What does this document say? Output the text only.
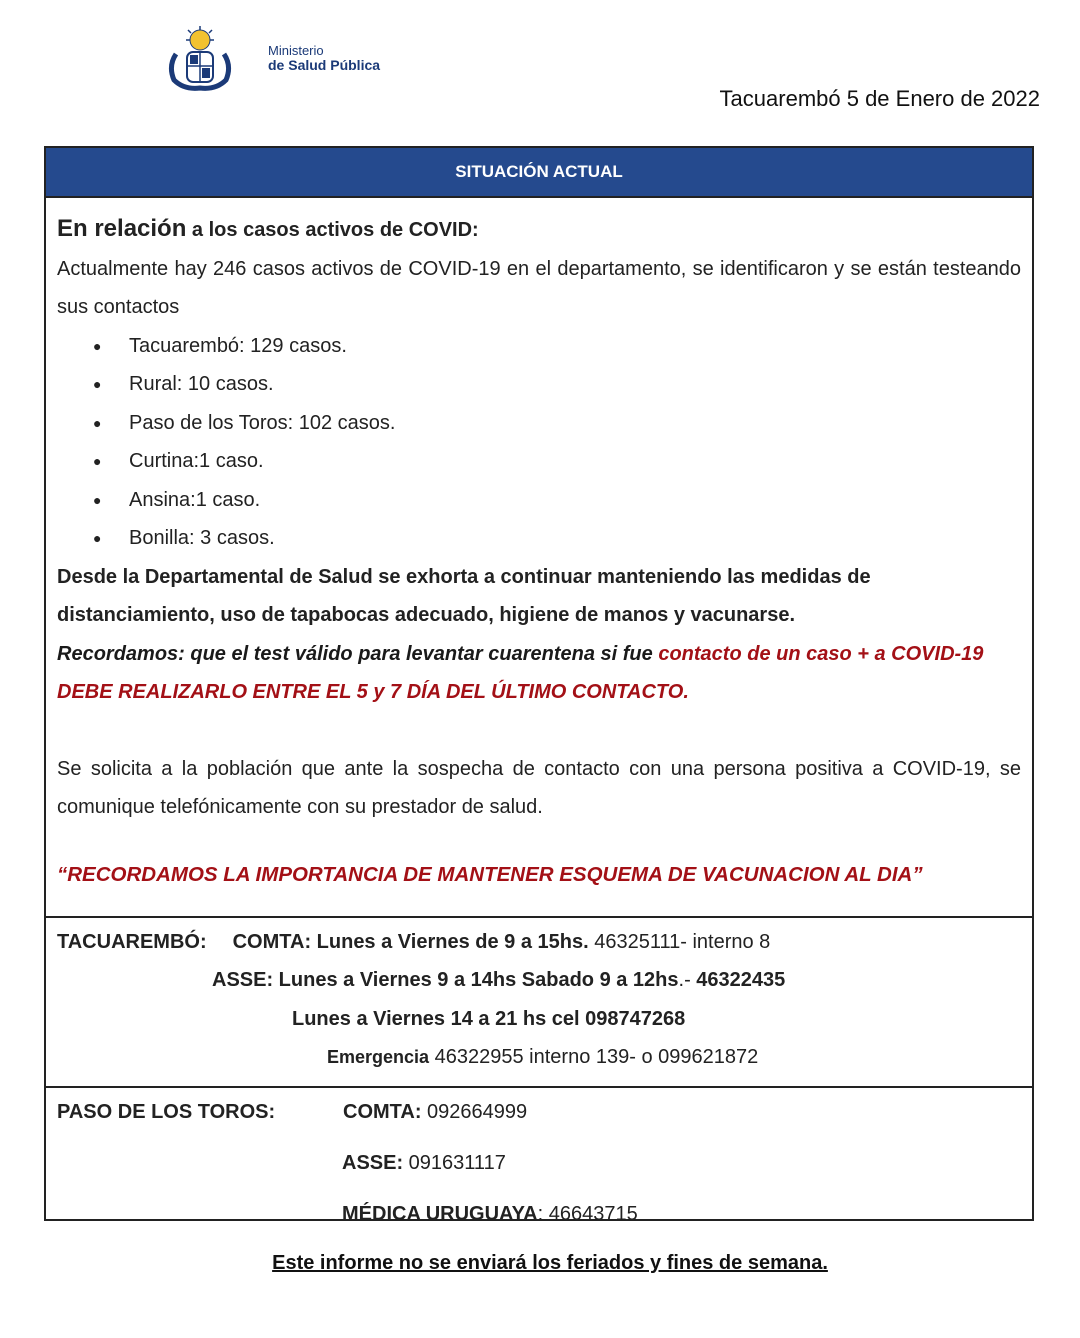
Ministerio
de Salud Pública
Tacuarembó 5 de Enero de 2022
SITUACIÓN ACTUAL
En relación a los casos activos de COVID:
Actualmente hay 246 casos activos de COVID-19 en el departamento, se identificaron y se están testeando sus contactos
● Tacuarembó: 129 casos.
● Rural: 10 casos.
● Paso de los Toros: 102 casos.
● Curtina:1 caso.
● Ansina:1 caso.
● Bonilla: 3 casos.
Desde la Departamental de Salud se exhorta a continuar manteniendo las medidas de distanciamiento, uso de tapabocas adecuado, higiene de manos y vacunarse.
Recordamos: que el test válido para levantar cuarentena si fue contacto de un caso + a COVID-19 DEBE REALIZARLO ENTRE EL 5 y 7 DÍA DEL ÚLTIMO CONTACTO.
Se solicita a la población que ante la sospecha de contacto con una persona positiva a COVID-19, se comunique telefónicamente con su prestador de salud.
“RECORDAMOS LA IMPORTANCIA DE MANTENER ESQUEMA DE VACUNACION AL DIA”
TACUAREMBÓ: COMTA: Lunes a Viernes de 9 a 15hs. 46325111- interno 8
ASSE: Lunes a Viernes 9 a 14hs Sabado 9 a 12hs.- 46322435
Lunes a Viernes 14 a 21 hs cel 098747268
Emergencia 46322955 interno 139- o 099621872
PASO DE LOS TOROS:	COMTA: 092664999
ASSE: 091631117
MÉDICA URUGUAYA: 46643715
Este informe no se enviará los feriados y fines de semana.
